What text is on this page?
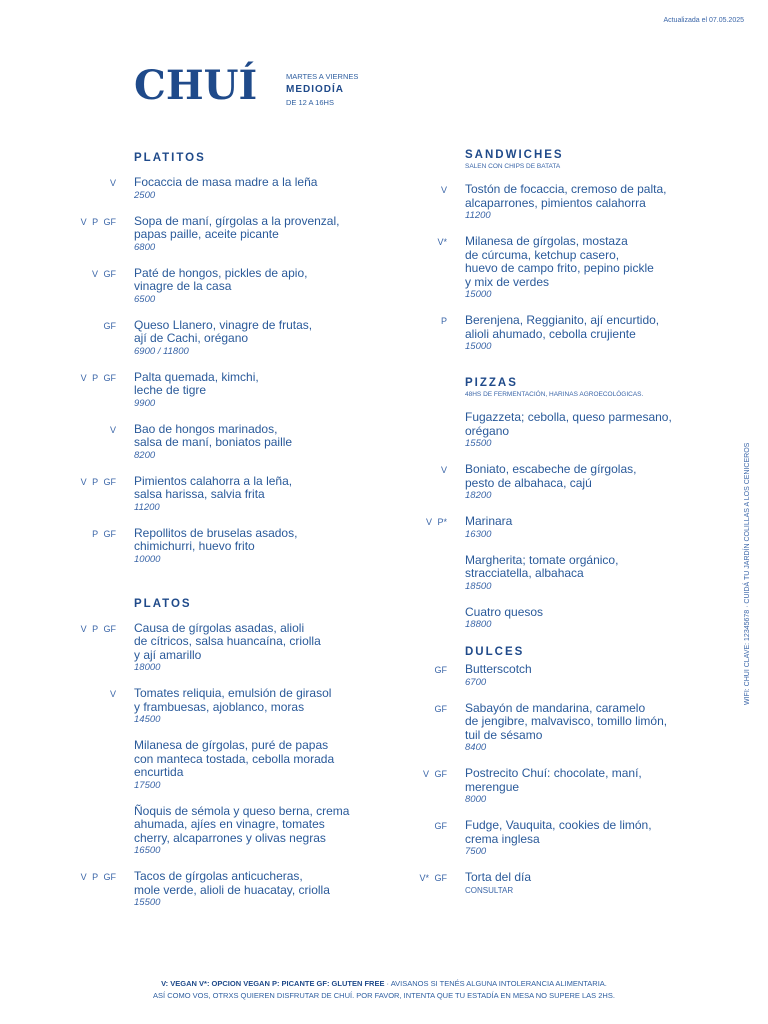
Actualizada el 07.05.2025
CHUÍ	MARTES A VIERNES
MEDIODÍA
DE 12 A 16HS
PLATITOS
V Focaccia de masa madre a la leña
2500
V P GF Sopa de maní, gírgolas a la provenzal,
papas paille, aceite picante
6800
V GF Paté de hongos, pickles de apio,
vinagre de la casa
6500
GF Queso Llanero, vinagre de frutas,
ají de Cachi, orégano
6900 / 11800
V P GF Palta quemada, kimchi,
leche de tigre
9900
V Bao de hongos marinados,
salsa de maní, boniatos paille
8200
V P GF Pimientos calahorra a la leña,
salsa harissa, salvia frita
11200
P GF Repollitos de bruselas asados,
chimichurri, huevo frito
10000
PLATOS
V P GF Causa de gírgolas asadas, alioli
de cítricos, salsa huancaína, criolla
y ají amarillo
18000
V Tomates reliquia, emulsión de girasol
y frambuesas, ajoblanco, moras
14500
Milanesa de gírgolas, puré de papas
con manteca tostada, cebolla morada
encurtida
17500
Ñoquis de sémola y queso berna, crema
ahumada, ajíes en vinagre, tomates
cherry, alcaparrones y olivas negras
16500
V P GF Tacos de gírgolas anticucheras,
mole verde, alioli de huacatay, criolla
15500
SANDWICHES
SALEN CON CHIPS DE BATATA
V Tostón de focaccia, cremoso de palta,
alcaparrones, pimientos calahorra
11200
V* Milanesa de gírgolas, mostaza
de cúrcuma, ketchup casero,
huevo de campo frito, pepino pickle
y mix de verdes
15000
P Berenjena, Reggianito, ají encurtido,
alioli ahumado, cebolla crujiente
15000
PIZZAS
48HS DE FERMENTACIÓN, HARINAS AGROECOLÓGICAS.
Fugazzeta; cebolla, queso parmesano,
orégano
15500
V Boniato, escabeche de gírgolas,
pesto de albahaca, cajú
18200
V P* Marinara
16300
Margherita; tomate orgánico,
stracciatella, albahaca
18500
Cuatro quesos
18800
DULCES
GF Butterscotch
6700
GF Sabayón de mandarina, caramelo
de jengibre, malvavisco, tomillo limón,
tuil de sésamo
8400
V GF Postrecito Chuí: chocolate, maní,
merengue
8000
GF Fudge, Vauquita, cookies de limón,
crema inglesa
7500
V* GF Torta del día
CONSULTAR
WIFI: CHUI CLAVE: 12345678 · CUIDÁ TU JARDÍN COLILLAS A LOS CENICEROS
V: VEGAN V*: OPCION VEGAN P: PICANTE GF: GLUTEN FREE · AVISANOS SI TENÉS ALGUNA INTOLERANCIA ALIMENTARIA.
ASÍ COMO VOS, OTRXS QUIEREN DISFRUTAR DE CHUÍ. POR FAVOR, INTENTA QUE TU ESTADÍA EN MESA NO SUPERE LAS 2HS.
